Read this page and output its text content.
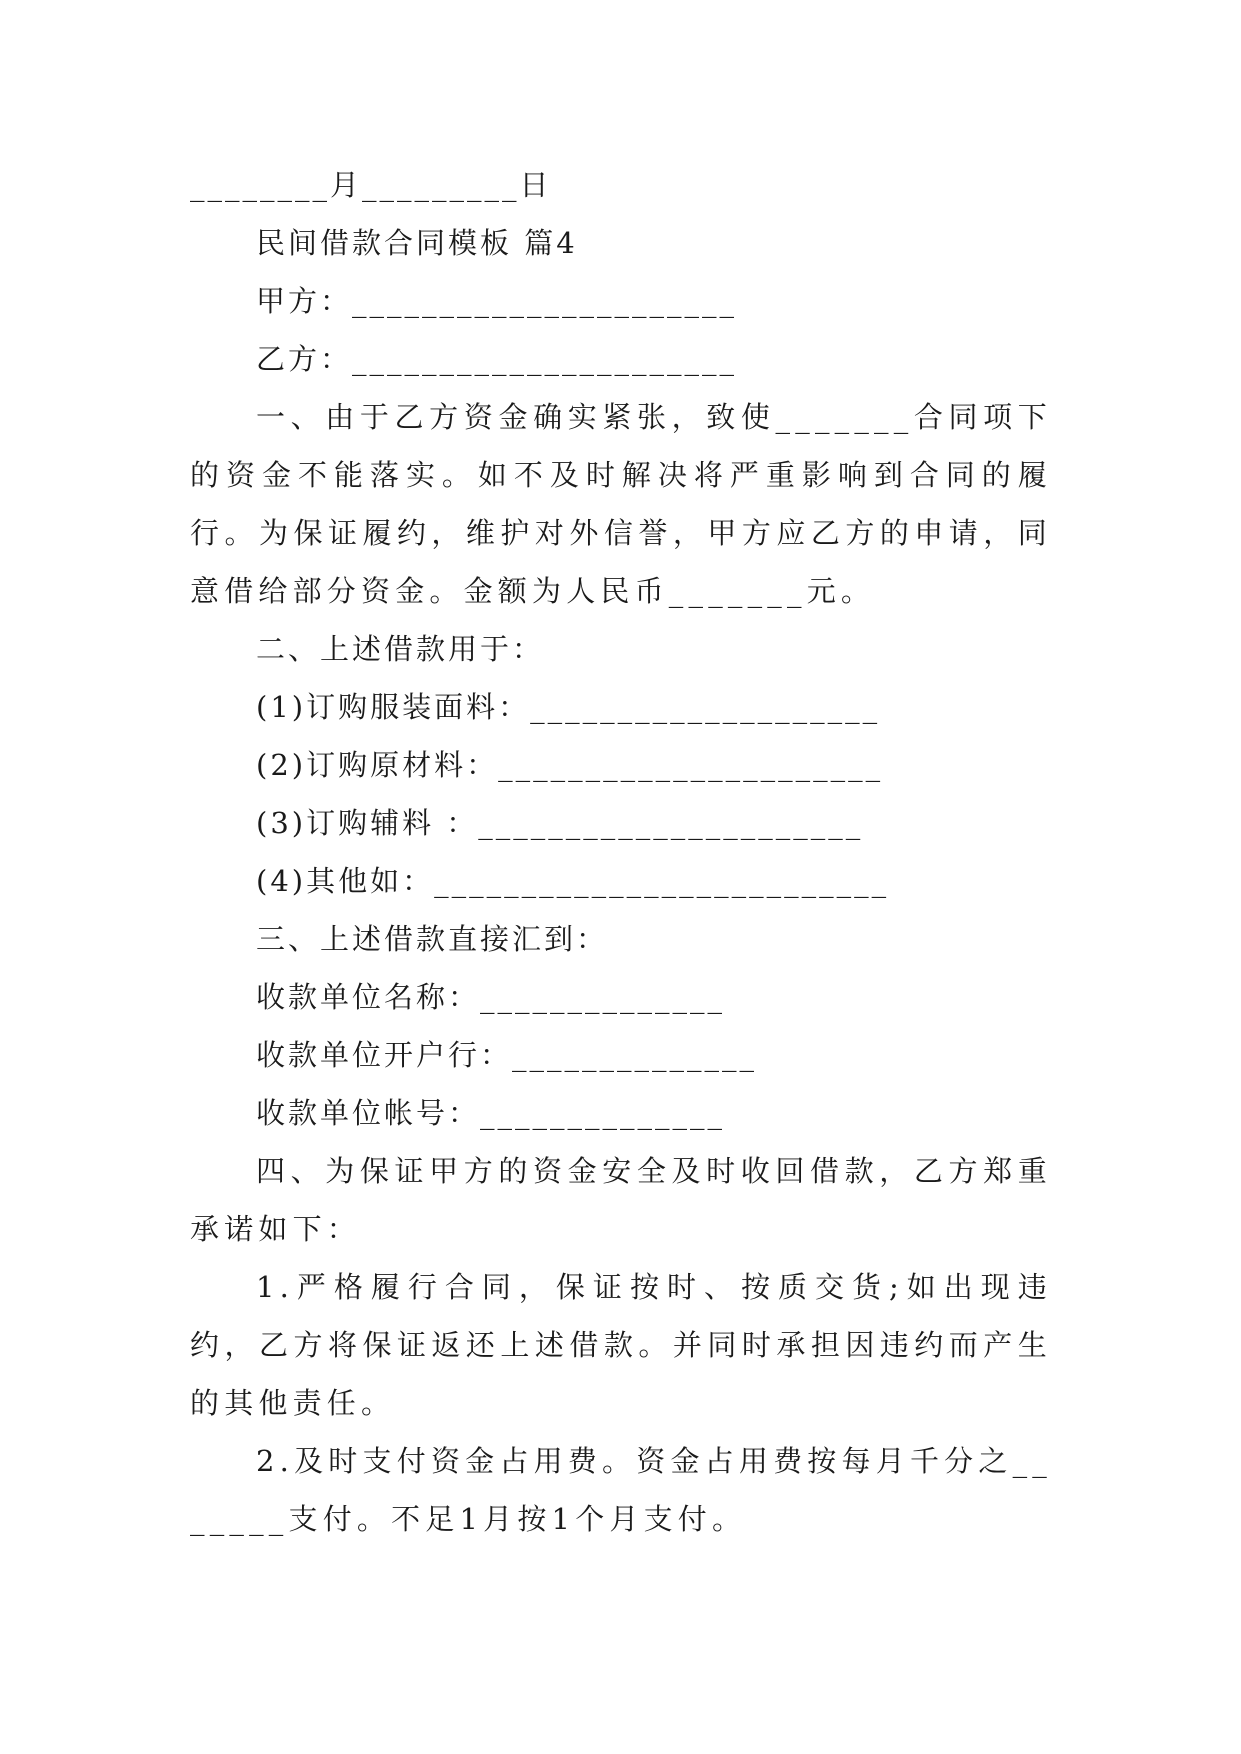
________月_________日
民间借款合同模板 篇4
甲方：______________________
乙方：______________________
一、由于乙方资金确实紧张，致使_______合同项下的资金不能落实。如不及时解决将严重影响到合同的履行。为保证履约，维护对外信誉，甲方应乙方的申请，同意借给部分资金。金额为人民币_______元。
二、上述借款用于：
(1)订购服装面料：____________________
(2)订购原材料：______________________
(3)订购辅料 ：______________________
(4)其他如：__________________________
三、上述借款直接汇到：
收款单位名称：______________
收款单位开户行：______________
收款单位帐号：______________
四、为保证甲方的资金安全及时收回借款，乙方郑重承诺如下：
1.严格履行合同，保证按时、按质交货;如出现违约，乙方将保证返还上述借款。并同时承担因违约而产生的其他责任。
2.及时支付资金占用费。资金占用费按每月千分之_______支付。不足1月按1个月支付。
